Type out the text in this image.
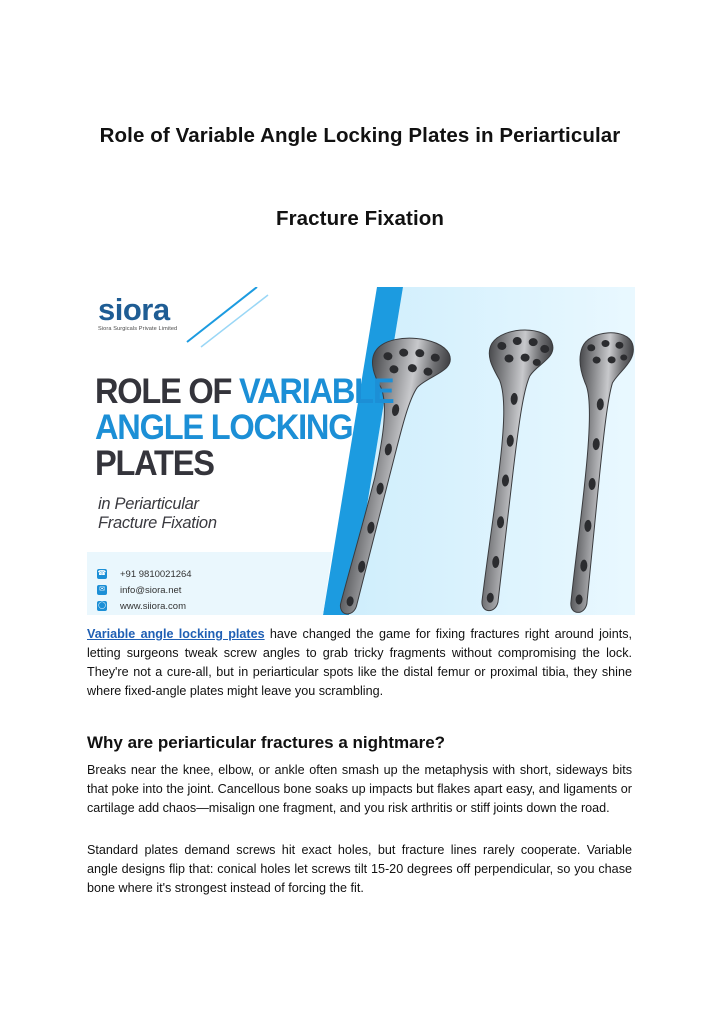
Role of Variable Angle Locking Plates in Periarticular
Fracture Fixation
siora
Siora Surgicals Private Limited
ROLE OF VARIABLE
ANGLE LOCKING
PLATES
in Periarticular
Fracture Fixation
☎ +91 9810021264
✉ info@siora.net
◯ www.siiora.com

Variable angle locking plates have changed the game for fixing fractures right around joints, letting surgeons tweak screw angles to grab tricky fragments without compromising the lock. They're not a cure-all, but in periarticular spots like the distal femur or proximal tibia, they shine where fixed-angle plates might leave you scrambling.

Why are periarticular fractures a nightmare?

Breaks near the knee, elbow, or ankle often smash up the metaphysis with short, sideways bits that poke into the joint. Cancellous bone soaks up impacts but flakes apart easy, and ligaments or cartilage add chaos—misalign one fragment, and you risk arthritis or stiff joints down the road.

Standard plates demand screws hit exact holes, but fracture lines rarely cooperate. Variable angle designs flip that: conical holes let screws tilt 15-20 degrees off perpendicular, so you chase bone where it's strongest instead of forcing the fit.
